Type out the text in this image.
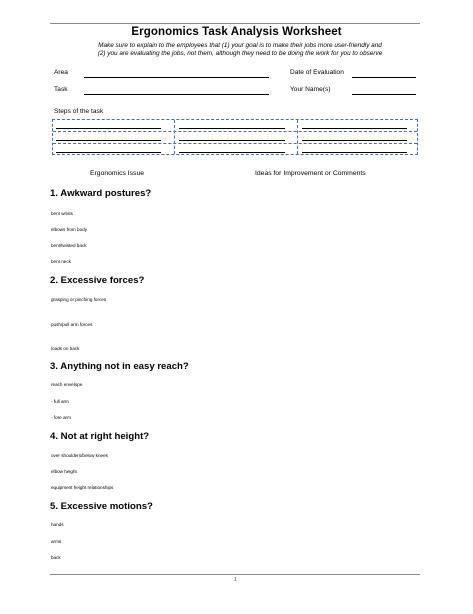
Ergonomics Task Analysis Worksheet
Make sure to explain to the employees that (1) your goal is to make their jobs more user-friendly and
(2) you are evaluating the jobs, not them, although they need to be doing the work for you to observe
Area
Task
Date of Evaluation
Your Name(s)
Steps of the task
Ergonomics Issue	Ideas for Improvement or Comments
1. Awkward postures?
bent wrists
elbows from body
bent/twisted back
bent neck
2. Excessive forces?
grasping or pinching forces
push/pull arm forces
loads on back
3. Anything not in easy reach?
reach envelope
- full arm
- fore arm
4. Not at right height?
over shoulders/below knees
elbow height
equipment height relationships
5. Excessive motions?
hands
arms
back
1
